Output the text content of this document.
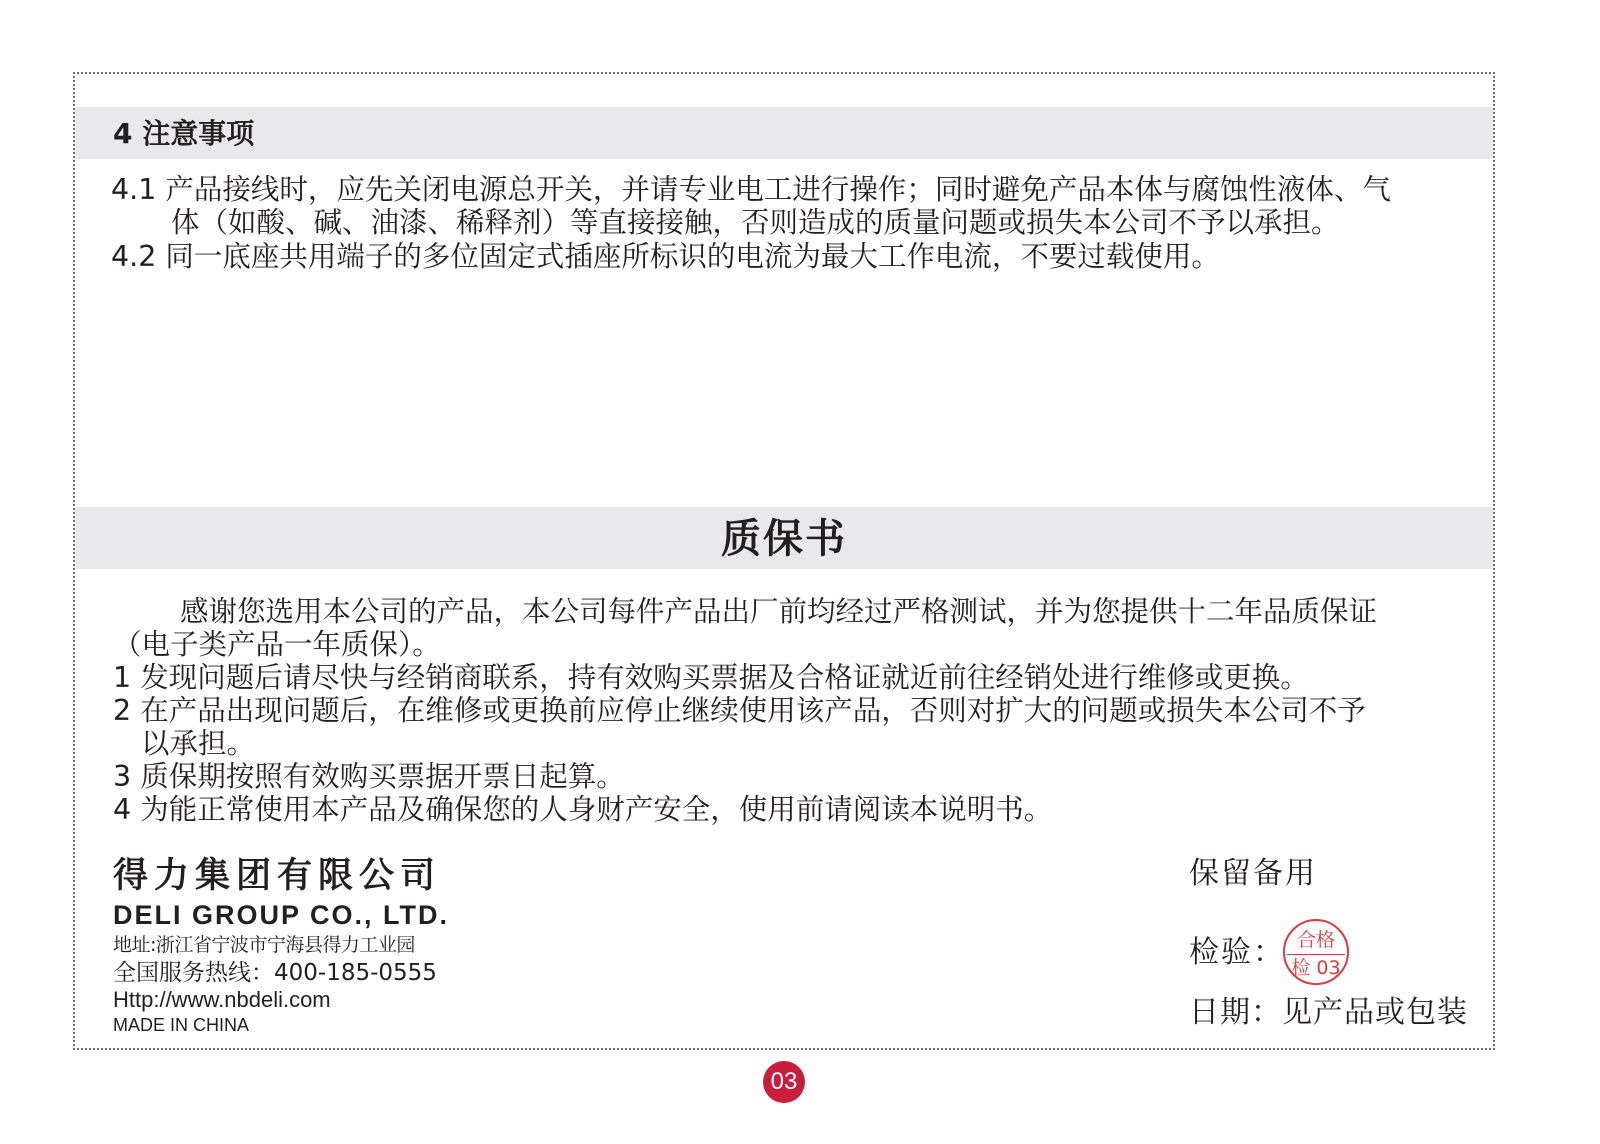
4 注意事项

4.1 产品接线时，应先关闭电源总开关，并请专业电工进行操作；同时避免产品本体与腐蚀性液体、气

体（如酸、碱、油漆、稀释剂）等直接接触，否则造成的质量问题或损失本公司不予以承担。

4.2 同一底座共用端子的多位固定式插座所标识的电流为最大工作电流，不要过载使用。

质保书

感谢您选用本公司的产品，本公司每件产品出厂前均经过严格测试，并为您提供十二年品质保证

（电子类产品一年质保）。

1 发现问题后请尽快与经销商联系，持有效购买票据及合格证就近前往经销处进行维修或更换。

2 在产品出现问题后，在维修或更换前应停止继续使用该产品，否则对扩大的问题或损失本公司不予

以承担。

3 质保期按照有效购买票据开票日起算。

4 为能正常使用本产品及确保您的人身财产安全，使用前请阅读本说明书。

得力集团有限公司

DELI GROUP CO., LTD.

地址:浙江省宁波市宁海县得力工业园

全国服务热线：400-185-0555

Http://www.nbdeli.com

MADE IN CHINA

保留备用

检验： 合格
检 03

日期：见产品或包装

03
